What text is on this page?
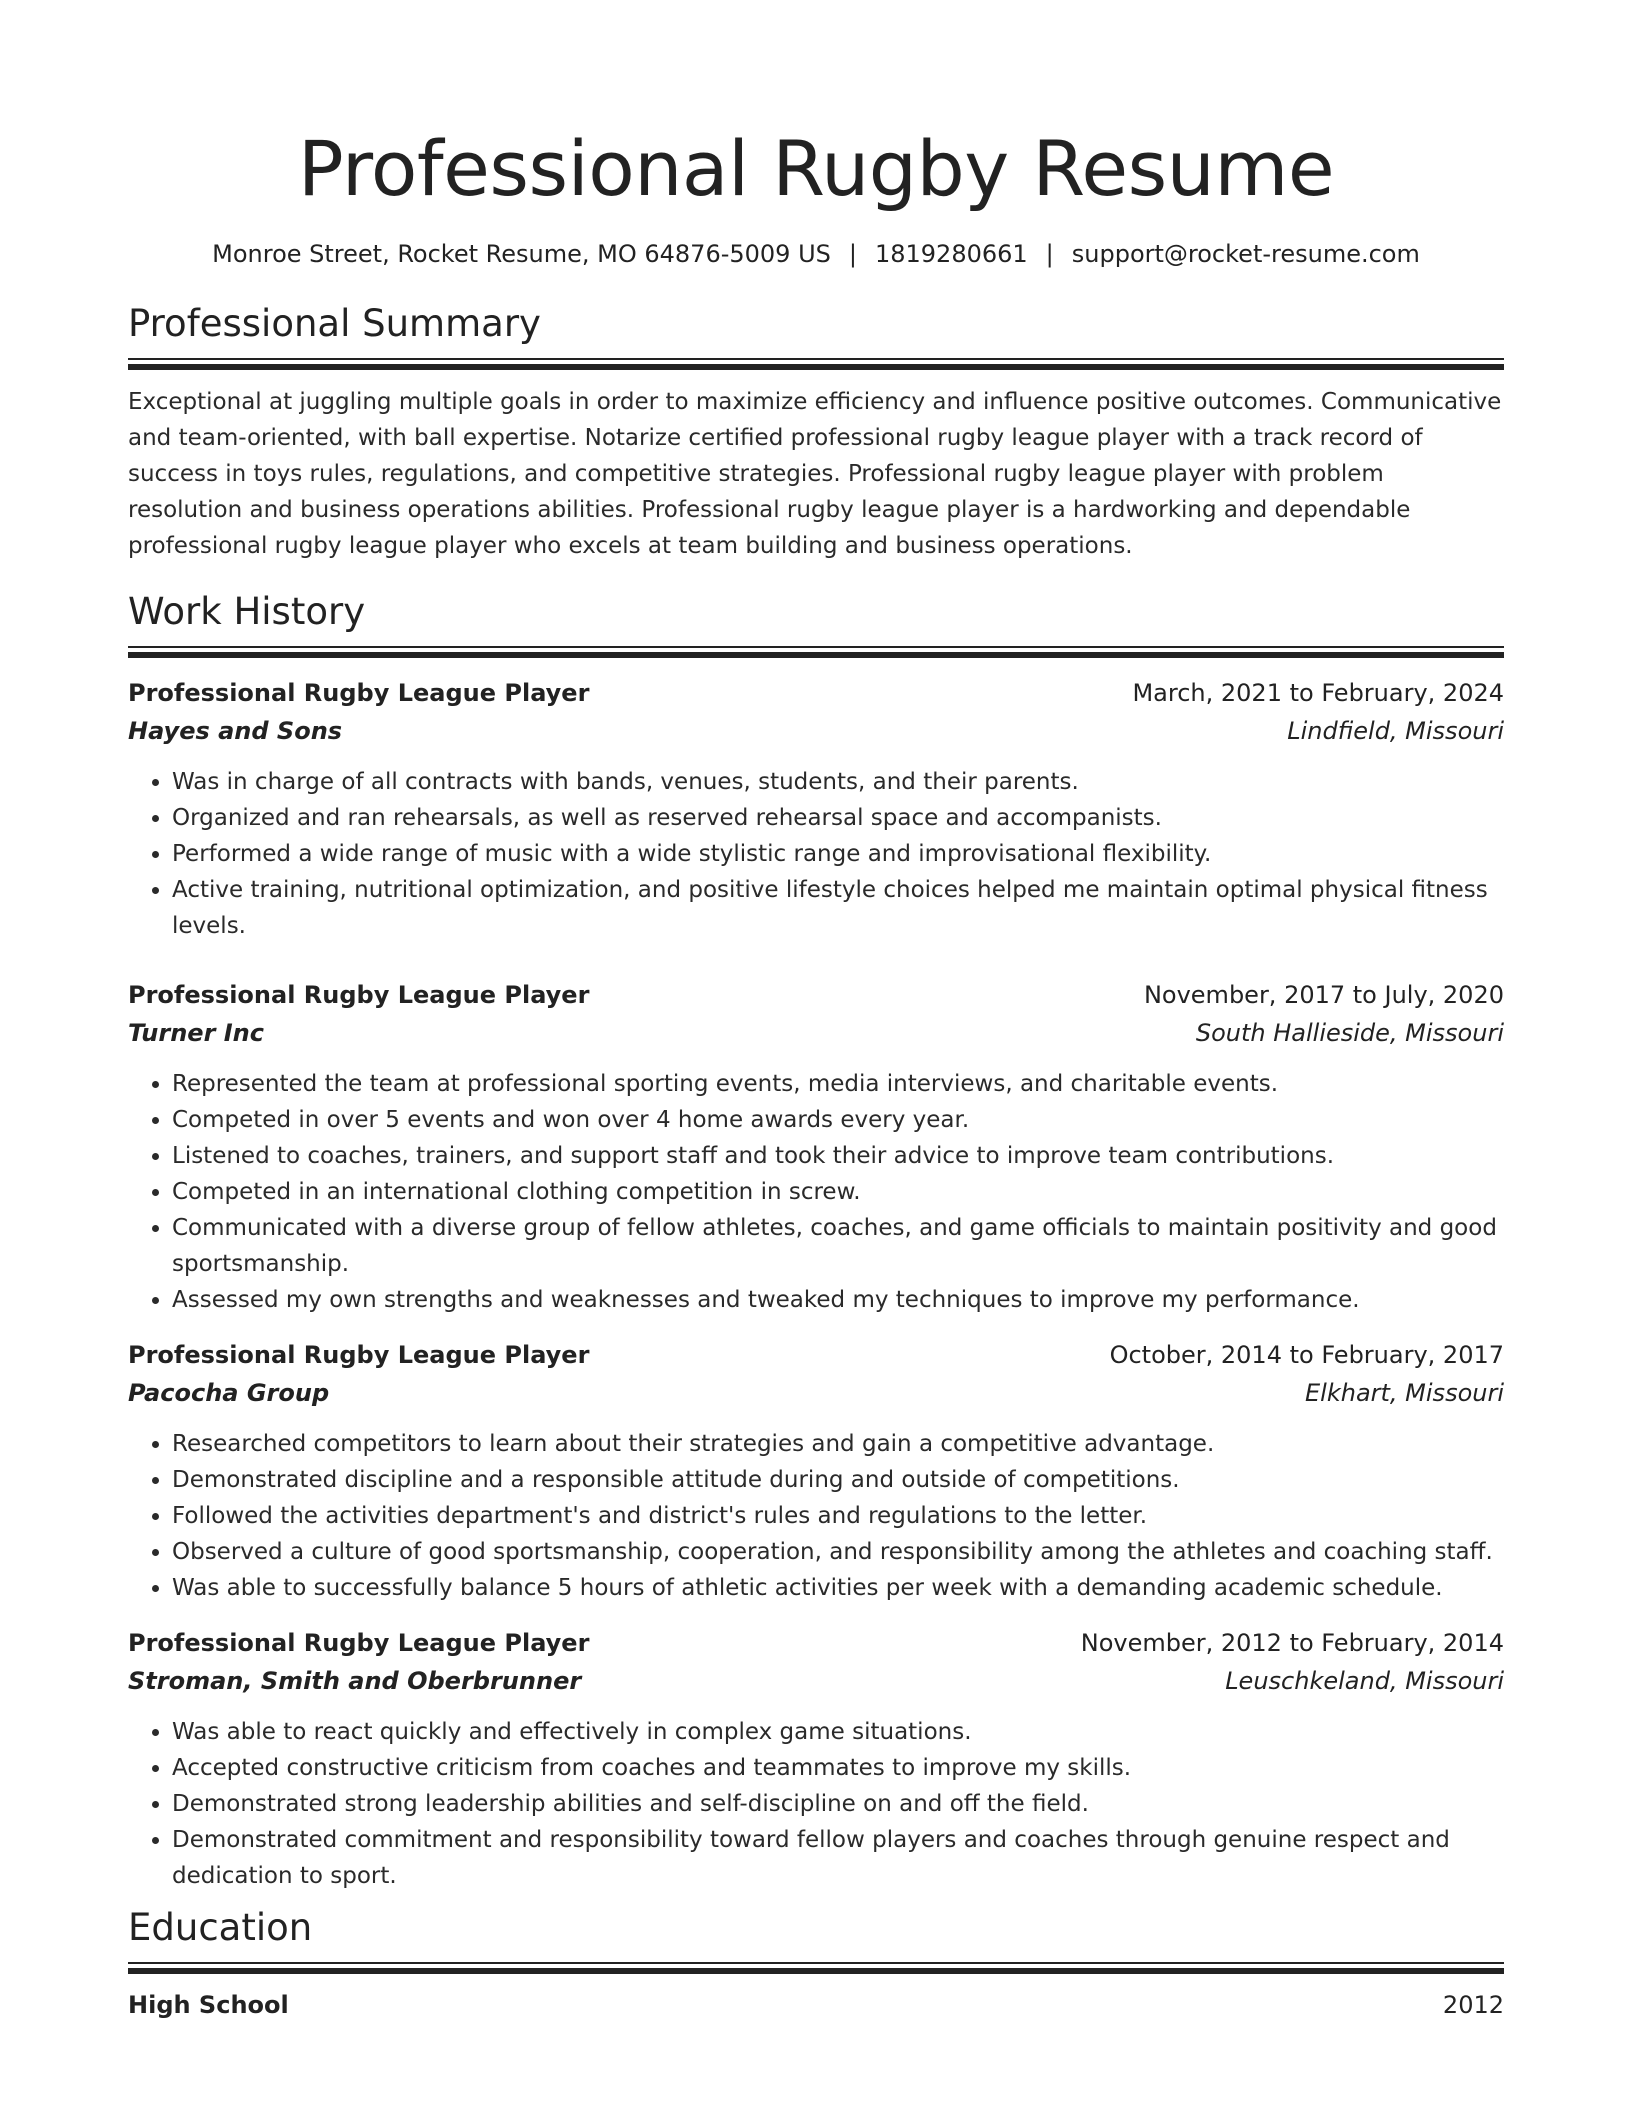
Professional Rugby Resume
Monroe Street, Rocket Resume, MO 64876-5009 US | 1819280661 | support@rocket-resume.com
Professional Summary

Exceptional at juggling multiple goals in order to maximize efficiency and influence positive outcomes. Communicative and team-oriented, with ball expertise. Notarize certified professional rugby league player with a track record of success in toys rules, regulations, and competitive strategies. Professional rugby league player with problem resolution and business operations abilities. Professional rugby league player is a hardworking and dependable professional rugby league player who excels at team building and business operations.

Work History
Professional Rugby League Player	March, 2021 to February, 2024
Hayes and Sons	Lindfield, Missouri
• Was in charge of all contracts with bands, venues, students, and their parents.
• Organized and ran rehearsals, as well as reserved rehearsal space and accompanists.
• Performed a wide range of music with a wide stylistic range and improvisational flexibility.
• Active training, nutritional optimization, and positive lifestyle choices helped me maintain optimal physical fitness levels.
Professional Rugby League Player	November, 2017 to July, 2020
Turner Inc	South Hallieside, Missouri
• Represented the team at professional sporting events, media interviews, and charitable events.
• Competed in over 5 events and won over 4 home awards every year.
• Listened to coaches, trainers, and support staff and took their advice to improve team contributions.
• Competed in an international clothing competition in screw.
• Communicated with a diverse group of fellow athletes, coaches, and game officials to maintain positivity and good sportsmanship.
• Assessed my own strengths and weaknesses and tweaked my techniques to improve my performance.
Professional Rugby League Player	October, 2014 to February, 2017
Pacocha Group	Elkhart, Missouri
• Researched competitors to learn about their strategies and gain a competitive advantage.
• Demonstrated discipline and a responsible attitude during and outside of competitions.
• Followed the activities department's and district's rules and regulations to the letter.
• Observed a culture of good sportsmanship, cooperation, and responsibility among the athletes and coaching staff.
• Was able to successfully balance 5 hours of athletic activities per week with a demanding academic schedule.
Professional Rugby League Player	November, 2012 to February, 2014
Stroman, Smith and Oberbrunner	Leuschkeland, Missouri
• Was able to react quickly and effectively in complex game situations.
• Accepted constructive criticism from coaches and teammates to improve my skills.
• Demonstrated strong leadership abilities and self-discipline on and off the field.
• Demonstrated commitment and responsibility toward fellow players and coaches through genuine respect and dedication to sport.
Education
High School	2012
